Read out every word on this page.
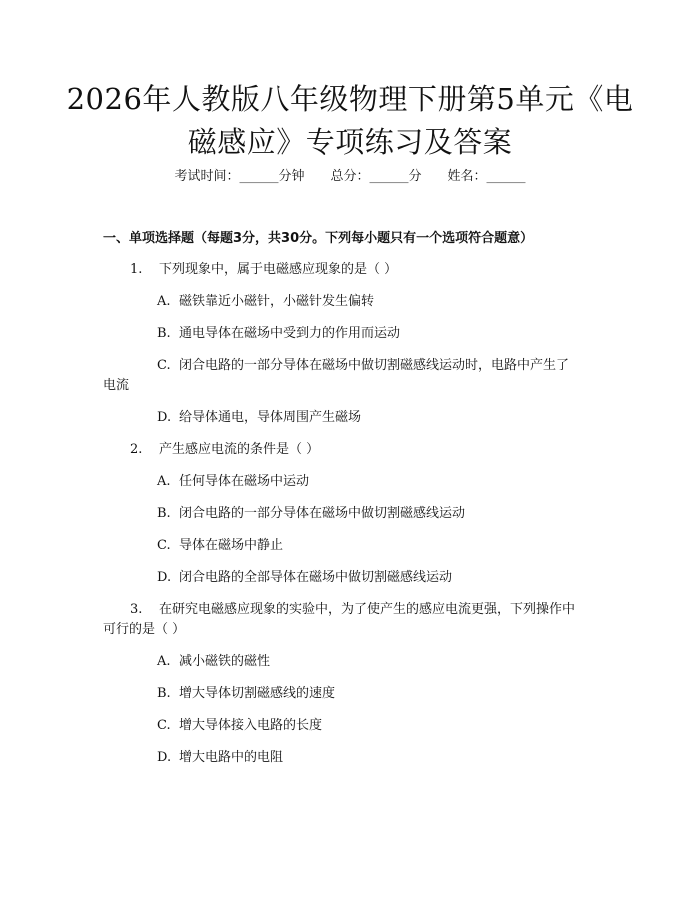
2026年人教版八年级物理下册第5单元《电
磁感应》专项练习及答案
考试时间：______分钟 总分：______分 姓名：______
一、单项选择题（每题3分，共30分。下列每小题只有一个选项符合题意）
1. 下列现象中，属于电磁感应现象的是（ ）
A. 磁铁靠近小磁针，小磁针发生偏转
B. 通电导体在磁场中受到力的作用而运动
C. 闭合电路的一部分导体在磁场中做切割磁感线运动时，电路中产生了
电流
D. 给导体通电，导体周围产生磁场
2. 产生感应电流的条件是（ ）
A. 任何导体在磁场中运动
B. 闭合电路的一部分导体在磁场中做切割磁感线运动
C. 导体在磁场中静止
D. 闭合电路的全部导体在磁场中做切割磁感线运动
3. 在研究电磁感应现象的实验中，为了使产生的感应电流更强，下列操作中
可行的是（ ）
A. 减小磁铁的磁性
B. 增大导体切割磁感线的速度
C. 增大导体接入电路的长度
D. 增大电路中的电阻
